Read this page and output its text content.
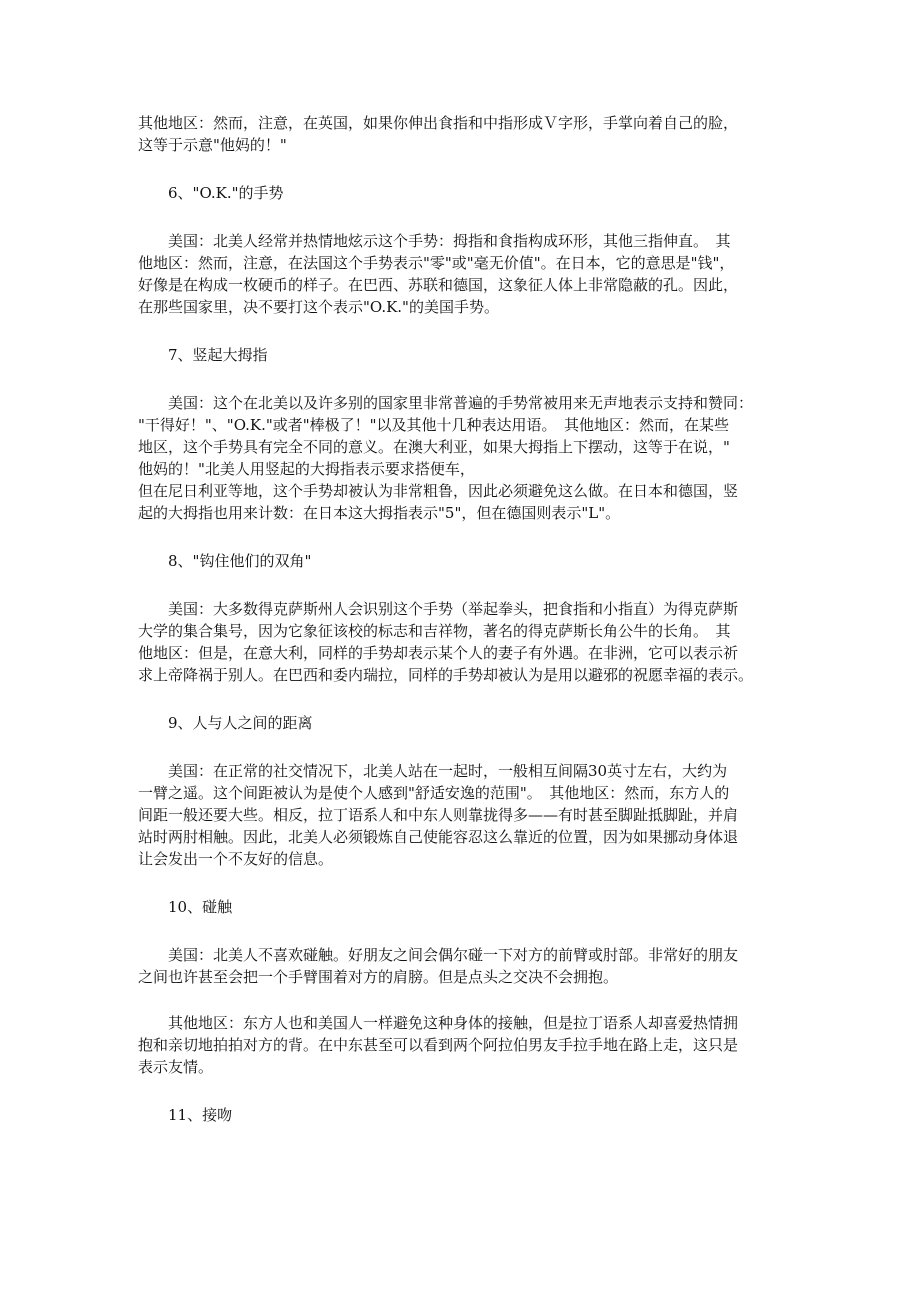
其他地区：然而，注意，在英国，如果你伸出食指和中指形成Ｖ字形，手掌向着自己的脸，
这等于示意"他妈的！"

6、"O.K."的手势

　　美国：北美人经常并热情地炫示这个手势：拇指和食指构成环形，其他三指伸直。　其
他地区：然而，注意，在法国这个手势表示"零"或"毫无价值"。在日本，它的意思是"钱"，
好像是在构成一枚硬币的样子。在巴西、苏联和德国，这象征人体上非常隐蔽的孔。因此，
在那些国家里，决不要打这个表示"O.K."的美国手势。

7、竖起大拇指

　　美国：这个在北美以及许多别的国家里非常普遍的手势常被用来无声地表示支持和赞同：
"干得好！"、"O.K."或者"棒极了！"以及其他十几种表达用语。　其他地区：然而，在某些
地区，这个手势具有完全不同的意义。在澳大利亚，如果大拇指上下摆动，这等于在说，"
他妈的！"北美人用竖起的大拇指表示要求搭便车，
但在尼日利亚等地，这个手势却被认为非常粗鲁，因此必须避免这么做。在日本和德国，竖
起的大拇指也用来计数：在日本这大拇指表示"5"，但在德国则表示"L"。

8、"钩住他们的双角"

　　美国：大多数得克萨斯州人会识别这个手势（举起拳头，把食指和小指直）为得克萨斯
大学的集合集号，因为它象征该校的标志和吉祥物，著名的得克萨斯长角公牛的长角。　其
他地区：但是，在意大利，同样的手势却表示某个人的妻子有外遇。在非洲，它可以表示祈
求上帝降祸于别人。在巴西和委内瑞拉，同样的手势却被认为是用以避邪的祝愿幸福的表示。

9、人与人之间的距离

　　美国：在正常的社交情况下，北美人站在一起时，一般相互间隔30英寸左右，大约为
一臂之遥。这个间距被认为是使个人感到"舒适安逸的范围"。　其他地区：然而，东方人的
间距一般还要大些。相反，拉丁语系人和中东人则靠拢得多——有时甚至脚趾抵脚趾，并肩
站时两肘相触。因此，北美人必须锻炼自己使能容忍这么靠近的位置，因为如果挪动身体退
让会发出一个不友好的信息。

10、碰触

　　美国：北美人不喜欢碰触。好朋友之间会偶尔碰一下对方的前臂或肘部。非常好的朋友
之间也许甚至会把一个手臂围着对方的肩膀。但是点头之交决不会拥抱。

　　其他地区：东方人也和美国人一样避免这种身体的接触，但是拉丁语系人却喜爱热情拥
抱和亲切地拍拍对方的背。在中东甚至可以看到两个阿拉伯男友手拉手地在路上走，这只是
表示友情。

11、接吻
